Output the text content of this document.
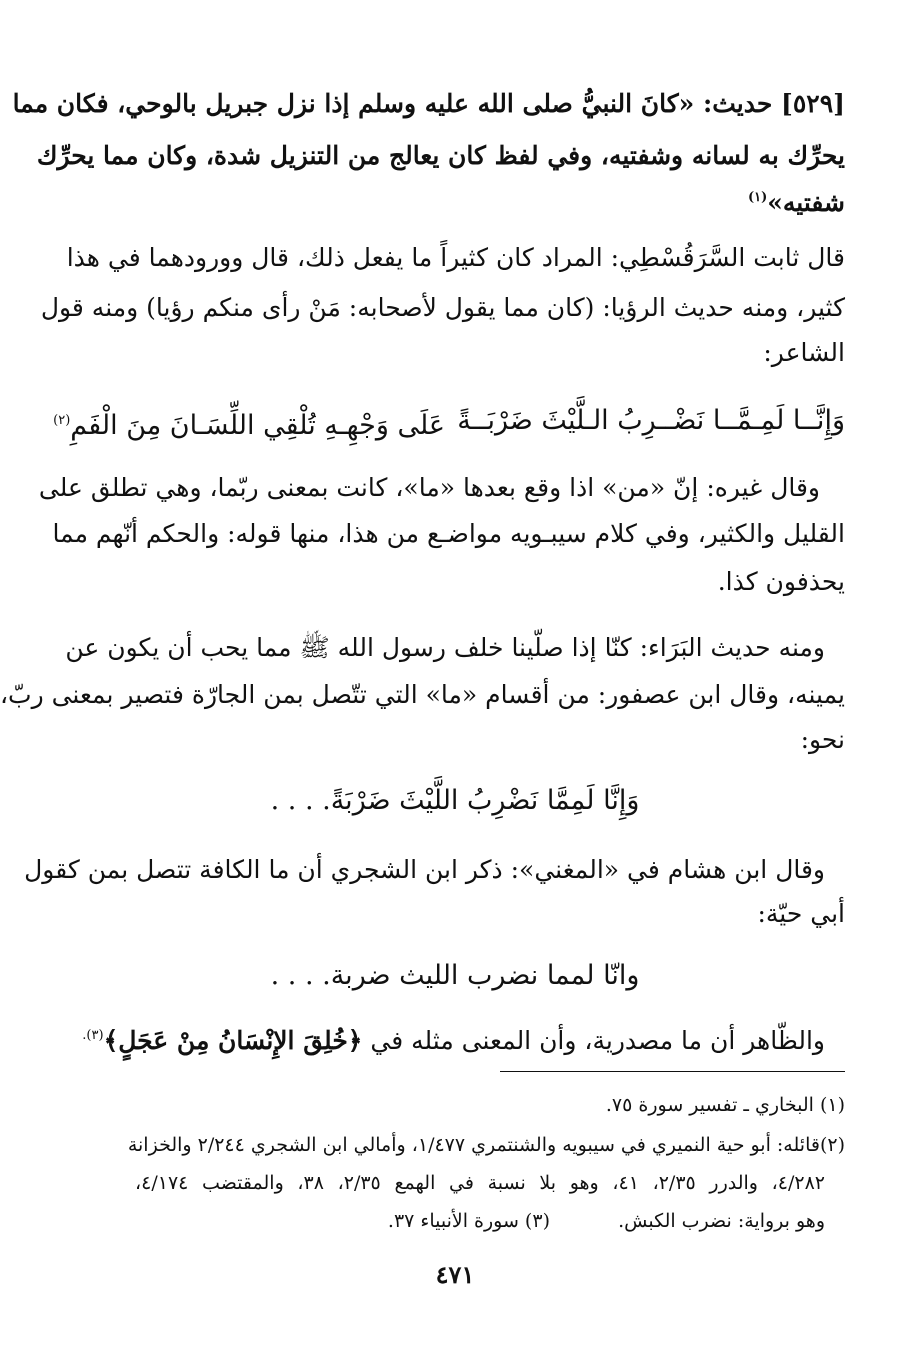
[٥٢٩] حديث: «كانَ النبيُّ صلى الله عليه وسلم إذا نزل جبريل بالوحي، فكان مما
يحرِّك به لسانه وشفتيه، وفي لفظ كان يعالج من التنزيل شدة، وكان مما يحرِّك
شفتيه»$^{(١)}$
قال ثابت السَّرَقُسْطِي: المراد كان كثيراً ما يفعل ذلك، قال وورودهما في هذا
كثير، ومنه حديث الرؤيا: (كان مما يقول لأصحابه: مَنْ رأى منكم رؤيا) ومنه قول
الشاعر:
وَإِنَّــا لَمِـمَّــا نَضْــرِبُ الـلَّيْثَ ضَرْبَــةً
عَلَى وَجْهِـهِ تُلْقِي اللِّسَـانَ مِنَ الْفَمِ$^{(٢)}$
وقال غيره: إنّ «من» اذا وقع بعدها «ما»، كانت بمعنى ربّما، وهي تطلق على
القليل والكثير، وفي كلام سيبـويه مواضـع من هذا، منها قوله: والحكم أنّهم مما
يحذفون كذا.
ومنه حديث البَرَاء: كنّا إذا صلّينا خلف رسول الله ﷺ مما يحب أن يكون عن
يمينه، وقال ابن عصفور: من أقسام «ما» التي تتّصل بمن الجارّة فتصير بمعنى ربّ،
نحو:
وَإِنَّا لَمِمَّا نَضْرِبُ اللَّيْثَ ضَرْبَةً. . . .
وقال ابن هشام في «المغني»: ذكر ابن الشجري أن ما الكافة تتصل بمن كقول
أبي حيّة:
وانّا لمما نضرب الليث ضربة. . . .
والظّاهر أن ما مصدرية، وأن المعنى مثله في ﴿خُلِقَ الإِنْسَانُ مِنْ عَجَلٍ﴾$^{(٣).}$
(١) البخاري ـ تفسير سورة ٧٥.
(٢)قائله: أبو حية النميري في سيبويه والشنتمري ١/٤٧٧، وأمالي ابن الشجري ٢/٢٤٤ والخزانة
٤/٢٨٢، والدرر ٢/٣٥، ٤١، وهو بلا نسبة في الهمع ٢/٣٥، ٣٨، والمقتضب ٤/١٧٤،
وهو برواية: نضرب الكبش.
(٣) سورة الأنبياء ٣٧.
٤٧١
